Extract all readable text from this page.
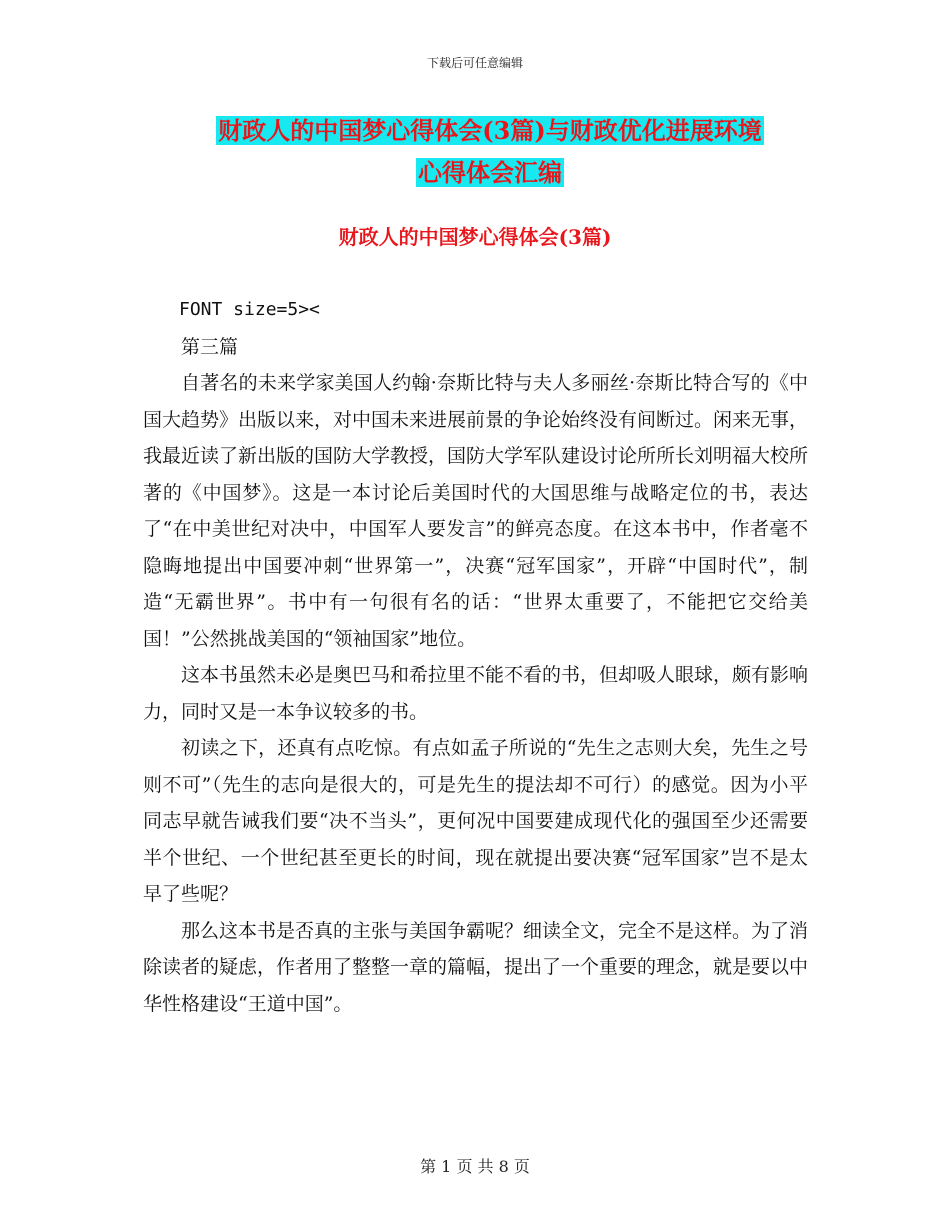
下载后可任意编辑
财政人的中国梦心得体会(3篇)与财政优化进展环境
心得体会汇编
财政人的中国梦心得体会(3篇)

FONT size=5><

第三篇

自著名的未来学家美国人约翰·奈斯比特与夫人多丽丝·奈斯比特合写的《中国大趋势》出版以来，对中国未来进展前景的争论始终没有间断过。闲来无事，我最近读了新出版的国防大学教授，国防大学军队建设讨论所所长刘明福大校所著的《中国梦》。这是一本讨论后美国时代的大国思维与战略定位的书，表达了“在中美世纪对决中，中国军人要发言”的鲜亮态度。在这本书中，作者毫不隐晦地提出中国要冲刺“世界第一”，决赛“冠军国家”，开辟“中国时代”，制造“无霸世界”。书中有一句很有名的话：“世界太重要了，不能把它交给美国！”公然挑战美国的“领袖国家”地位。

这本书虽然未必是奥巴马和希拉里不能不看的书，但却吸人眼球，颇有影响力，同时又是一本争议较多的书。

初读之下，还真有点吃惊。有点如孟子所说的“先生之志则大矣，先生之号则不可”（先生的志向是很大的，可是先生的提法却不可行）的感觉。因为小平同志早就告诫我们要“决不当头”，更何况中国要建成现代化的强国至少还需要半个世纪、一个世纪甚至更长的时间，现在就提出要决赛“冠军国家”岂不是太早了些呢？

那么这本书是否真的主张与美国争霸呢？细读全文，完全不是这样。为了消除读者的疑虑，作者用了整整一章的篇幅，提出了一个重要的理念，就是要以中华性格建设“王道中国”。

第 1 页 共 8 页
